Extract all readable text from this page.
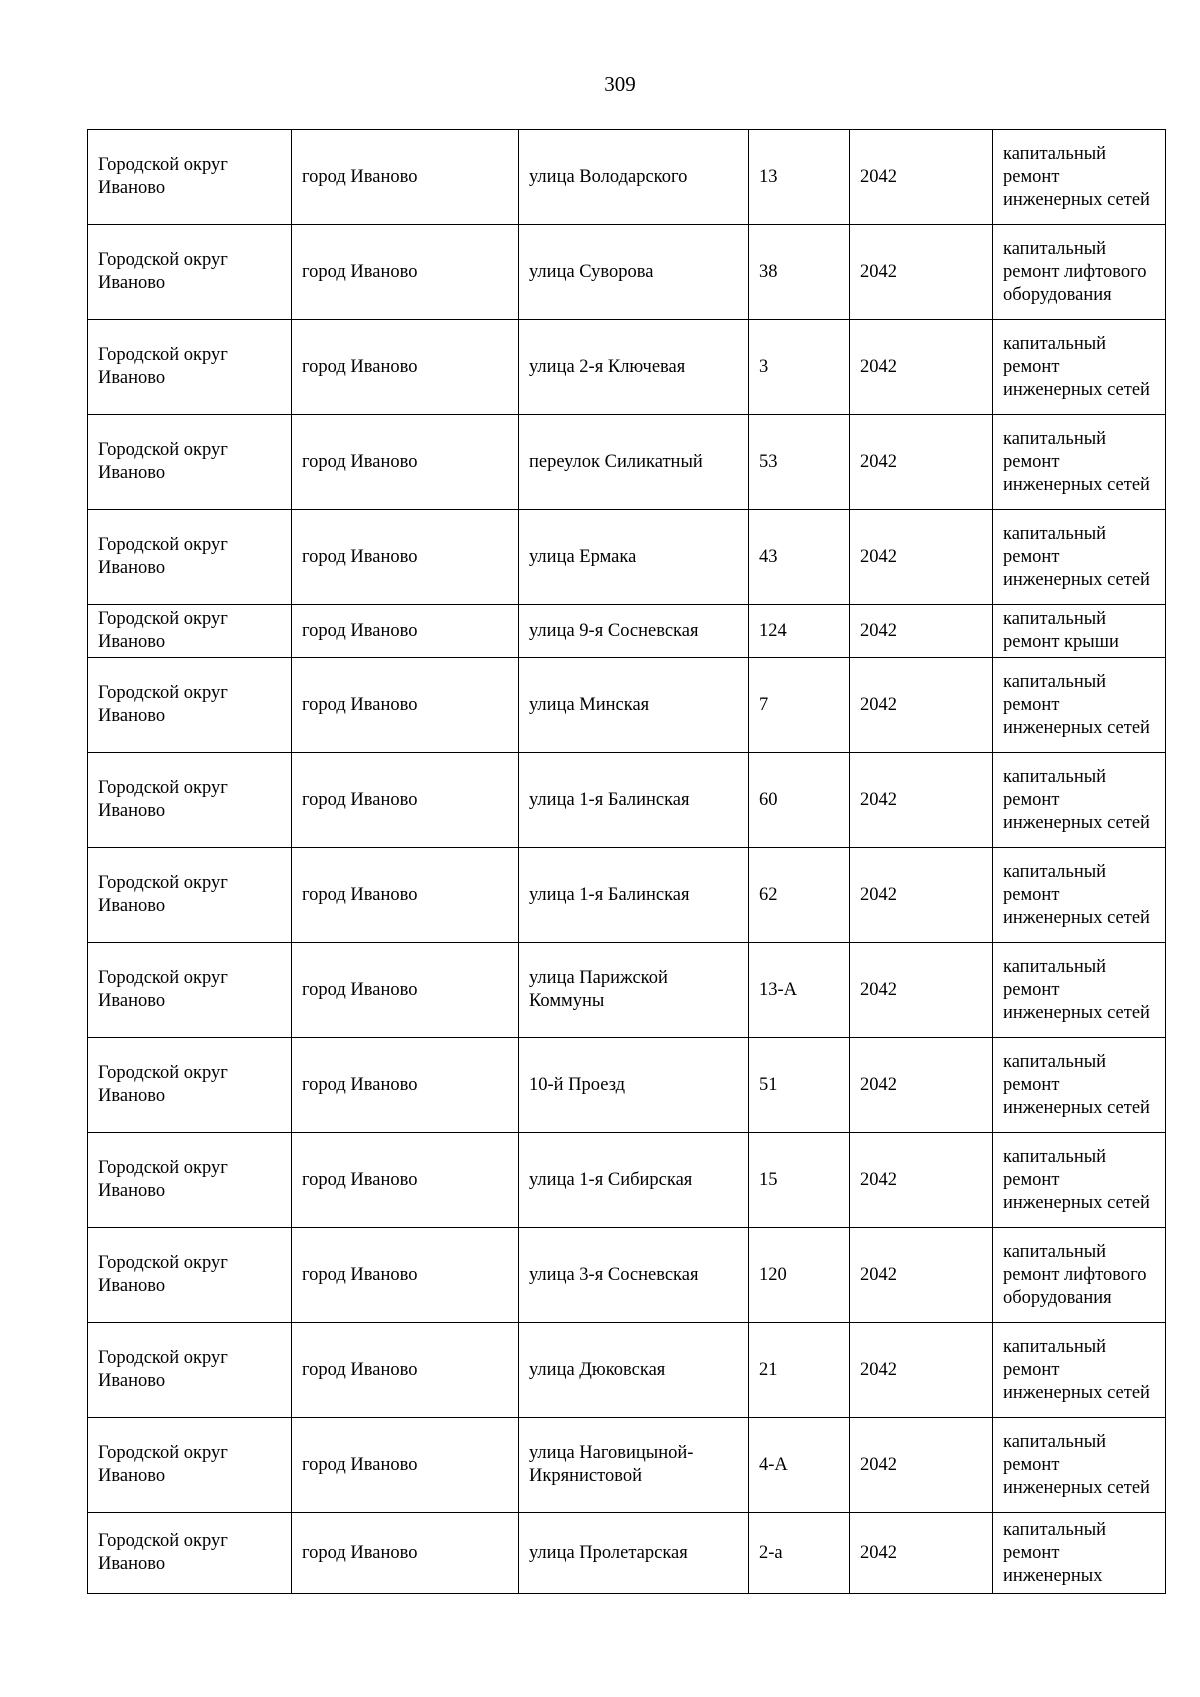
309
Городской округ Иваново	город Иваново	улица Володарского	13	2042	капитальный ремонт инженерных сетей
Городской округ Иваново	город Иваново	улица Суворова	38	2042	капитальный ремонт лифтового оборудования
Городской округ Иваново	город Иваново	улица 2-я Ключевая	3	2042	капитальный ремонт инженерных сетей
Городской округ Иваново	город Иваново	переулок Силикатный	53	2042	капитальный ремонт инженерных сетей
Городской округ Иваново	город Иваново	улица Ермака	43	2042	капитальный ремонт инженерных сетей
Городской округ Иваново	город Иваново	улица 9-я Сосневская	124	2042	капитальный ремонт крыши
Городской округ Иваново	город Иваново	улица Минская	7	2042	капитальный ремонт инженерных сетей
Городской округ Иваново	город Иваново	улица 1-я Балинская	60	2042	капитальный ремонт инженерных сетей
Городской округ Иваново	город Иваново	улица 1-я Балинская	62	2042	капитальный ремонт инженерных сетей
Городской округ Иваново	город Иваново	улица Парижской Коммуны	13-А	2042	капитальный ремонт инженерных сетей
Городской округ Иваново	город Иваново	10-й Проезд	51	2042	капитальный ремонт инженерных сетей
Городской округ Иваново	город Иваново	улица 1-я Сибирская	15	2042	капитальный ремонт инженерных сетей
Городской округ Иваново	город Иваново	улица 3-я Сосневская	120	2042	капитальный ремонт лифтового оборудования
Городской округ Иваново	город Иваново	улица Дюковская	21	2042	капитальный ремонт инженерных сетей
Городской округ Иваново	город Иваново	улица Наговицыной-Икрянистовой	4-А	2042	капитальный ремонт инженерных сетей
Городской округ Иваново	город Иваново	улица Пролетарская	2-а	2042	капитальный ремонт инженерных
